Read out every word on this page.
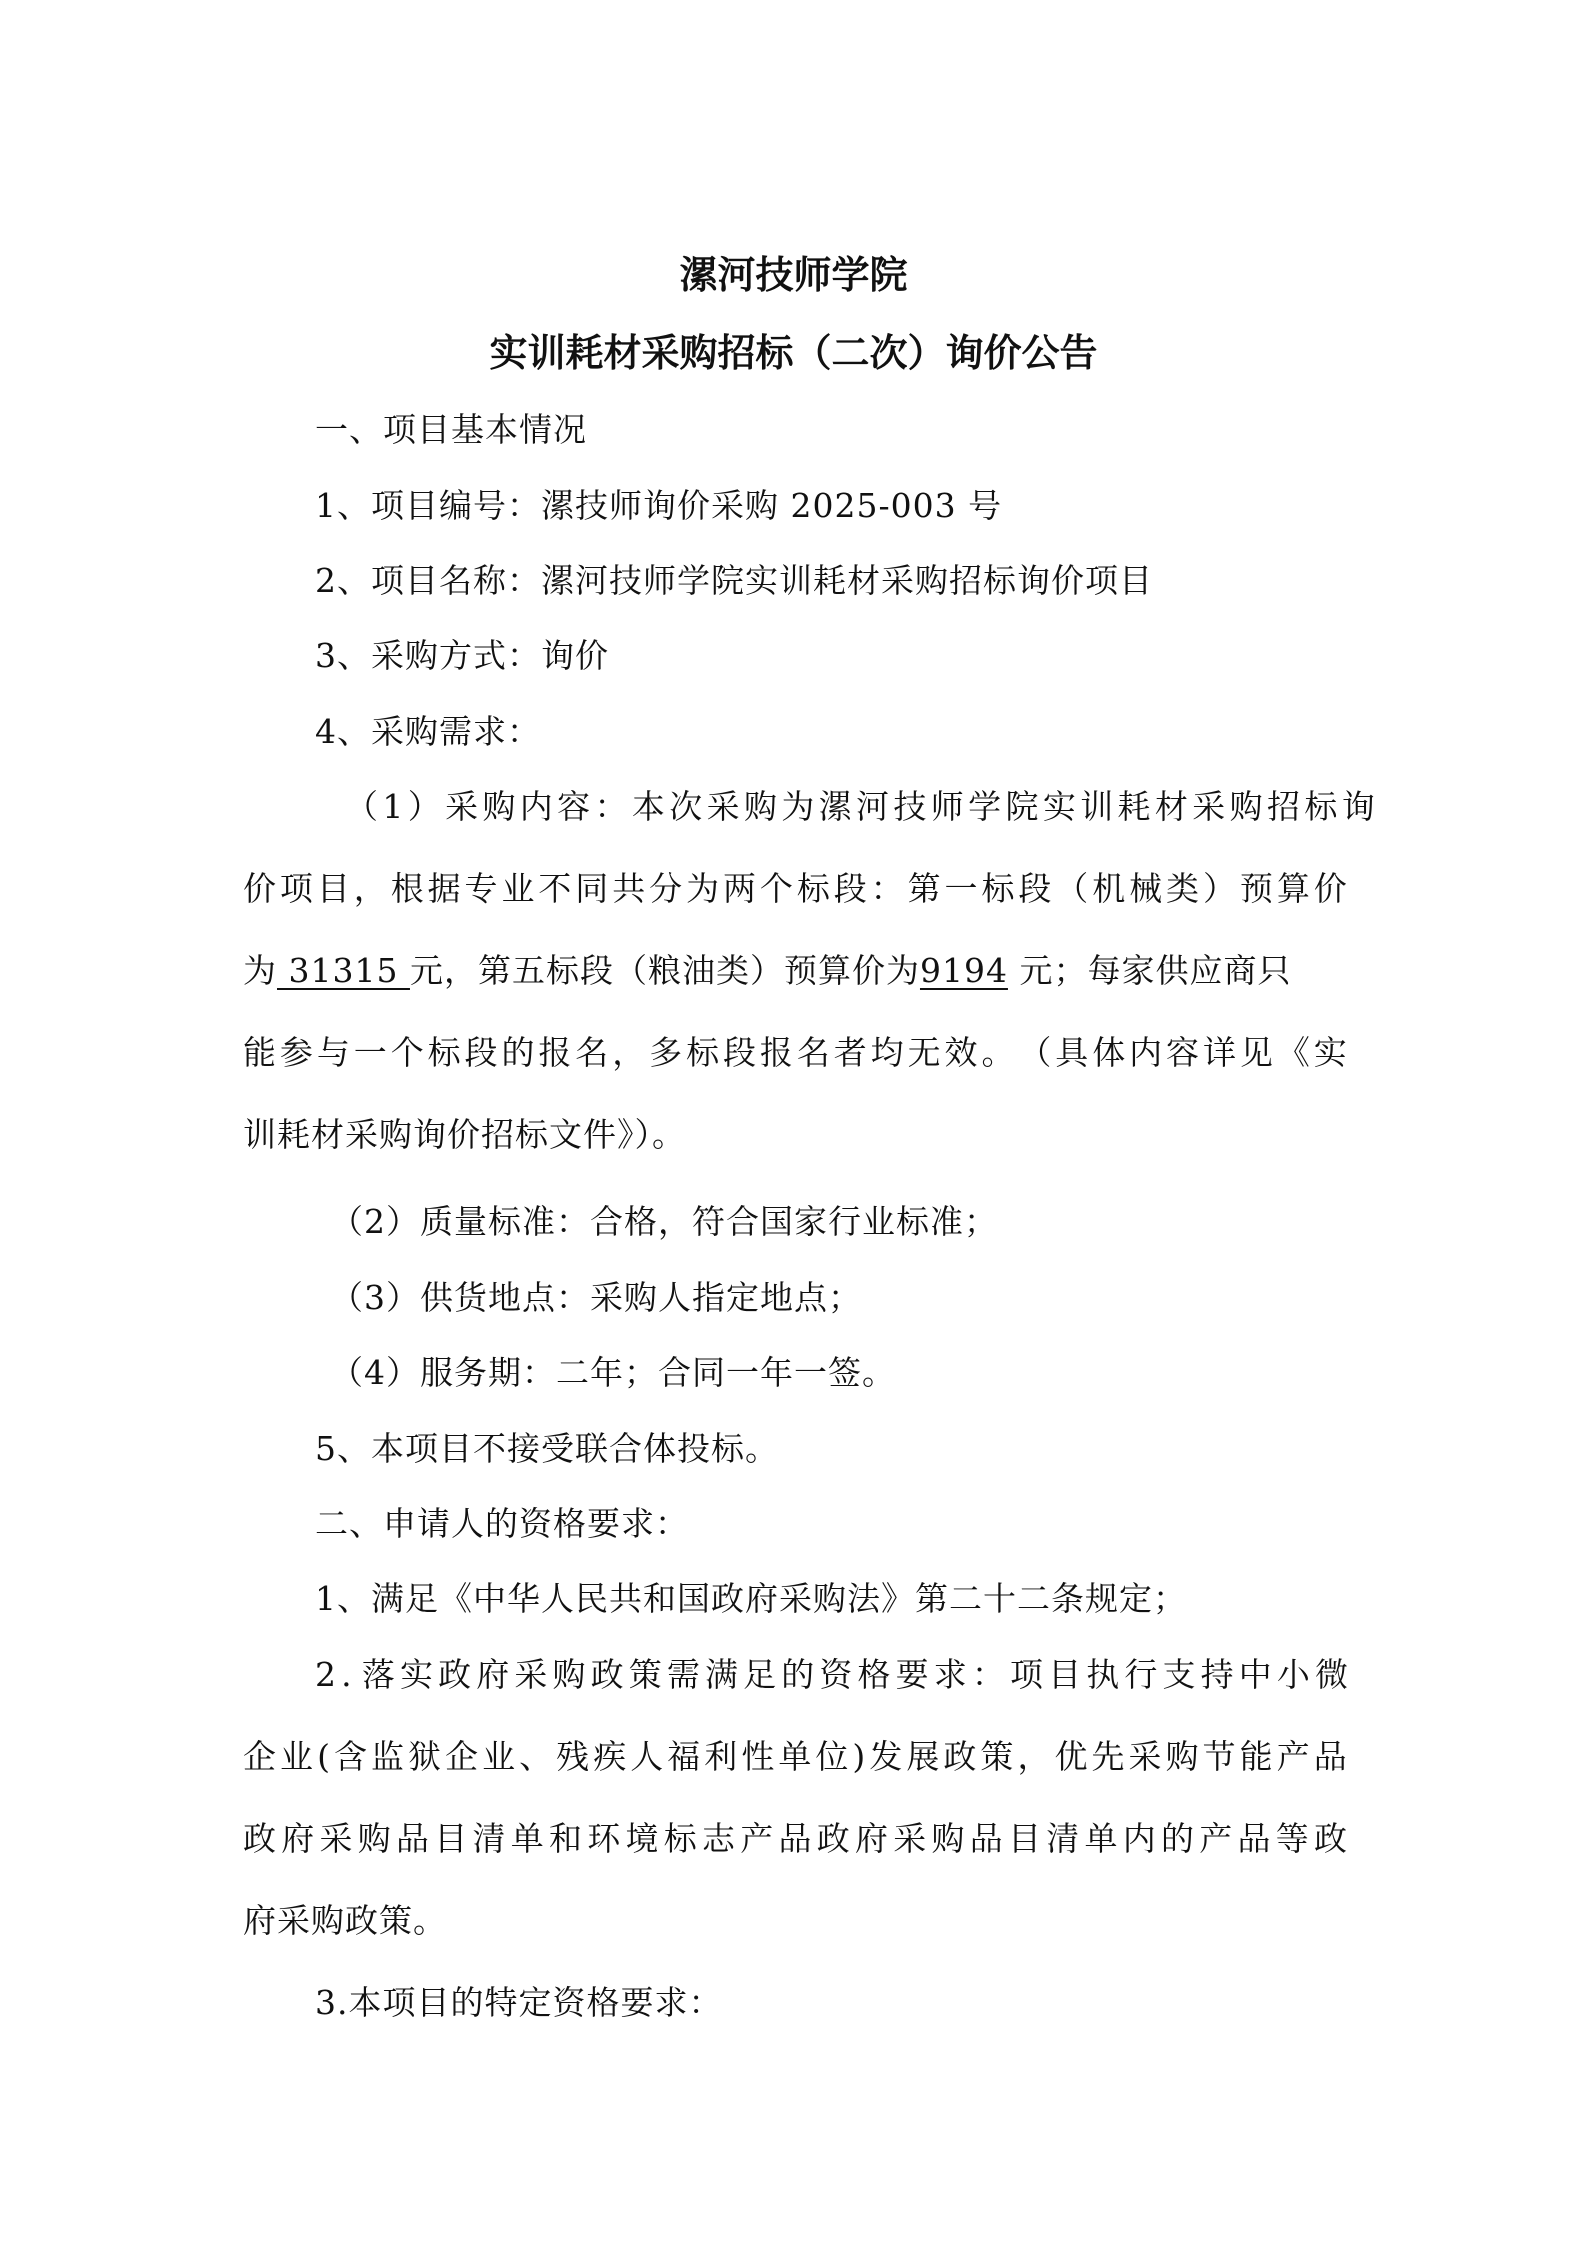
漯河技师学院
实训耗材采购招标（二次）询价公告
一、项目基本情况
1、项目编号：漯技师询价采购 2025-003 号
2、项目名称：漯河技师学院实训耗材采购招标询价项目
3、采购方式：询价
4、采购需求：
（ 1 ） 采 购 内 容 ： 本 次 采 购 为 漯 河 技 师 学 院 实 训 耗 材 采 购 招 标 询
价 项 目 ， 根 据 专 业 不 同 共 分 为 两 个 标 段 ： 第 一 标 段 （ 机 械 类 ） 预 算 价
为 31315 元，第五标段（粮油类）预算价为9194 元；每家供应商只
能 参 与 一 个 标 段 的 报 名 ， 多 标 段 报 名 者 均 无 效 。 （ 具 体 内 容 详 见 《 实
训耗材采购询价招标文件》）。
（2）质量标准：合格，符合国家行业标准；
（3）供货地点：采购人指定地点；
（4）服务期：二年；合同一年一签。
5、本项目不接受联合体投标。
二、申请人的资格要求：
1、满足《中华人民共和国政府采购法》第二十二条规定；
2 . 落 实 政 府 采 购 政 策 需 满 足 的 资 格 要 求 ： 项 目 执 行 支 持 中 小 微
企 业 ( 含 监 狱 企 业 、 残 疾 人 福 利 性 单 位 ) 发 展 政 策 ， 优 先 采 购 节 能 产 品
政 府 采 购 品 目 清 单 和 环 境 标 志 产 品 政 府 采 购 品 目 清 单 内 的 产 品 等 政
府采购政策。
3.本项目的特定资格要求：
